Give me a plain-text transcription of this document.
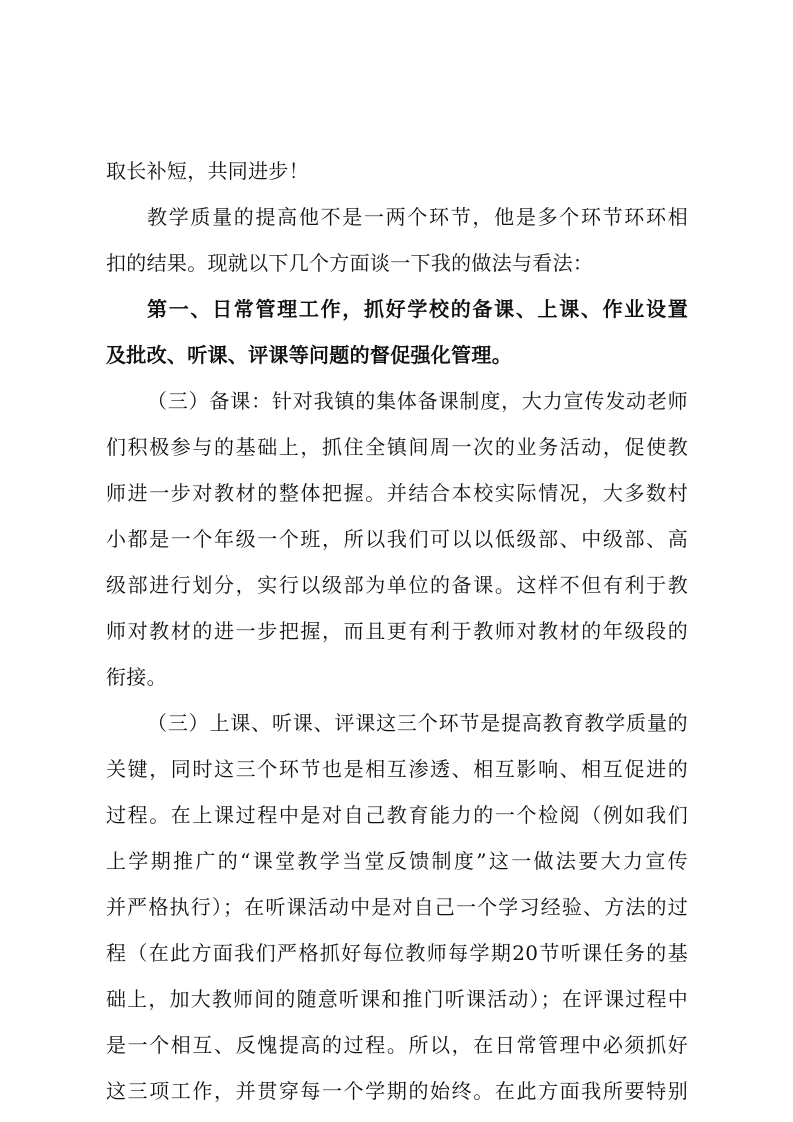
取长补短，共同进步！
教学质量的提高他不是一两个环节，他是多个环节环环相
扣的结果。现就以下几个方面谈一下我的做法与看法：
第一、日常管理工作，抓好学校的备课、上课、作业设置
及批改、听课、评课等问题的督促强化管理。
（三）备课：针对我镇的集体备课制度，大力宣传发动老师
们积极参与的基础上，抓住全镇间周一次的业务活动，促使教
师进一步对教材的整体把握。并结合本校实际情况，大多数村
小都是一个年级一个班，所以我们可以以低级部、中级部、高
级部进行划分，实行以级部为单位的备课。这样不但有利于教
师对教材的进一步把握，而且更有利于教师对教材的年级段的
衔接。
（三）上课、听课、评课这三个环节是提高教育教学质量的
关键，同时这三个环节也是相互渗透、相互影响、相互促进的
过程。在上课过程中是对自己教育能力的一个检阅（例如我们
上学期推广的“课堂教学当堂反馈制度”这一做法要大力宣传
并严格执行）；在听课活动中是对自己一个学习经验、方法的过
程（在此方面我们严格抓好每位教师每学期20节听课任务的基
础上，加大教师间的随意听课和推门听课活动）；在评课过程中
是一个相互、反愧提高的过程。所以，在日常管理中必须抓好
这三项工作，并贯穿每一个学期的始终。在此方面我所要特别
